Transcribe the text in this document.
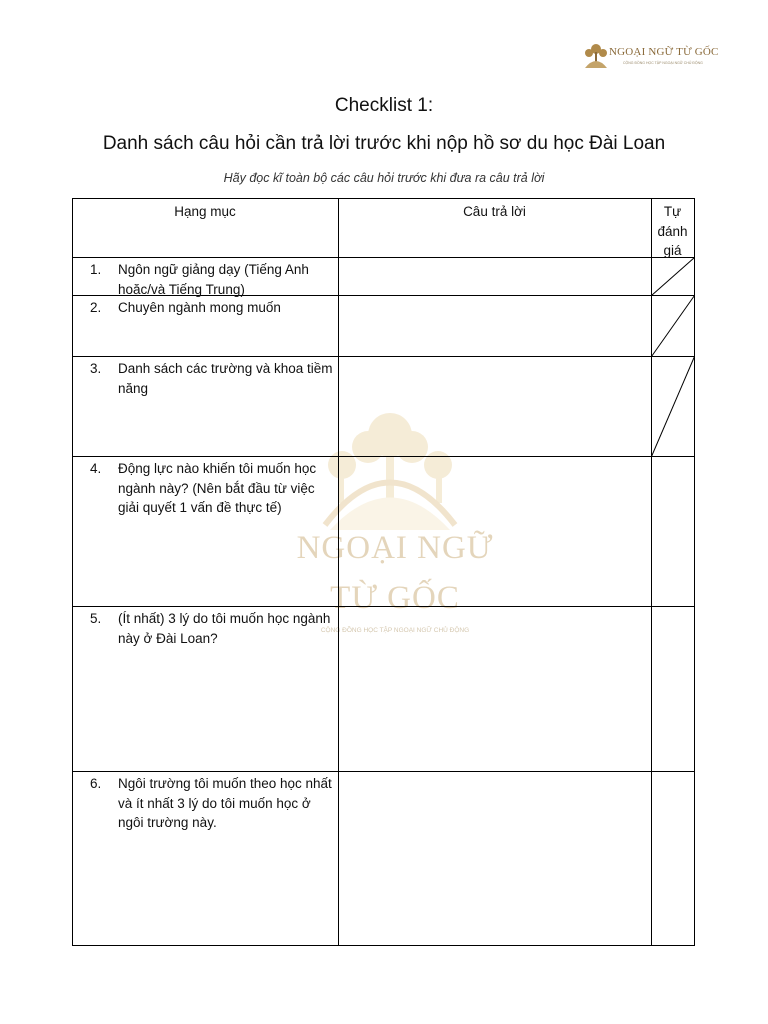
NGOẠI NGỮ TỪ GỐC
CỘNG ĐỒNG HỌC TẬP NGOẠI NGỮ CHỦ ĐỘNG
Checklist 1:
Danh sách câu hỏi cần trả lời trước khi nộp hồ sơ du học Đài Loan
Hãy đọc kĩ toàn bộ các câu hỏi trước khi đưa ra câu trả lời
NGOẠI NGỮ
TỪ GỐC
CỘNG ĐỒNG HỌC TẬP NGOẠI NGỮ CHỦ ĐỘNG
Hạng mục	Câu trả lời	Tự
đánh
giá
1.	Ngôn ngữ giảng dạy (Tiếng Anh hoặc/và Tiếng Trung)
2.	Chuyên ngành mong muốn
3.	Danh sách các trường và khoa tiềm năng
4.	Động lực nào khiến tôi muốn học ngành này? (Nên bắt đầu từ việc giải quyết 1 vấn đề thực tế)
5.	(Ít nhất) 3 lý do tôi muốn học ngành này ở Đài Loan?
6.	Ngôi trường tôi muốn theo học nhất và ít nhất 3 lý do tôi muốn học ở ngôi trường này.
